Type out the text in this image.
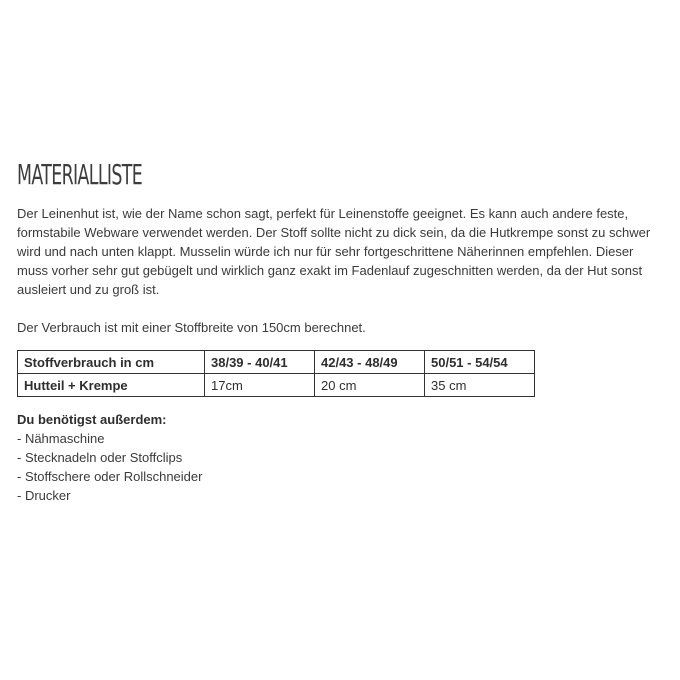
MATERIALLISTE

Der Leinenhut ist, wie der Name schon sagt, perfekt für Leinenstoffe geeignet. Es kann auch andere feste, formstabile Webware verwendet werden. Der Stoff sollte nicht zu dick sein, da die Hutkrempe sonst zu schwer wird und nach unten klappt. Musselin würde ich nur für sehr fortgeschrittene Näherinnen empfehlen. Dieser muss vorher sehr gut gebügelt und wirklich ganz exakt im Fadenlauf zugeschnitten werden, da der Hut sonst ausleiert und zu groß ist.

Der Verbrauch ist mit einer Stoffbreite von 150cm berechnet.

Stoffverbrauch in cm	38/39 - 40/41	42/43 - 48/49	50/51 - 54/54
Hutteil + Krempe	17cm	20 cm	35 cm
Du benötigst außerdem:
- Nähmaschine
- Stecknadeln oder Stoffclips
- Stoffschere oder Rollschneider
- Drucker
